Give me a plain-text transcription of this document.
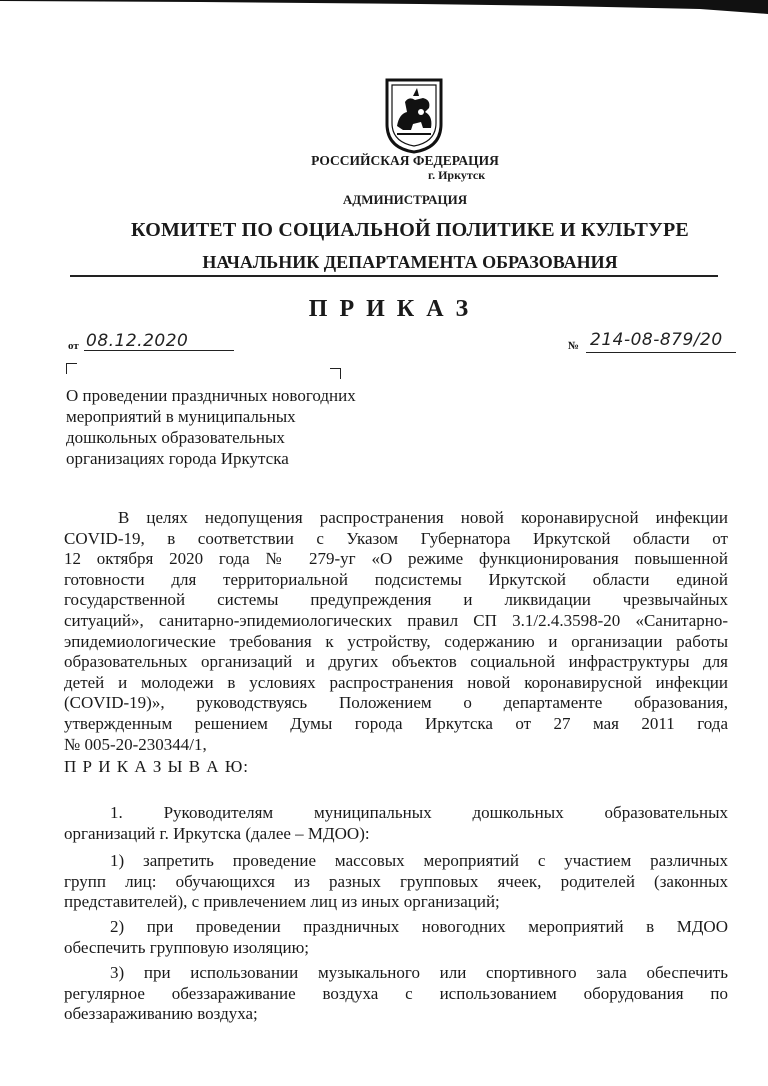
РОССИЙСКАЯ ФЕДЕРАЦИЯ
г. Иркутск
АДМИНИСТРАЦИЯ
КОМИТЕТ ПО СОЦИАЛЬНОЙ ПОЛИТИКЕ И КУЛЬТУРЕ
НАЧАЛЬНИК ДЕПАРТАМЕНТА ОБРАЗОВАНИЯ
П Р И К А З
от 08.12.2020	№ 214-08-879/20
О проведении праздничных новогодних
мероприятий в муниципальных
дошкольных образовательных
организациях города Иркутска
В целях недопущения распространения новой коронавирусной инфекции
COVID-19, в соответствии с Указом Губернатора Иркутской области от
12 октября 2020 года № 279-уг «О режиме функционирования повышенной
готовности для территориальной подсистемы Иркутской области единой
государственной системы предупреждения и ликвидации чрезвычайных
ситуаций», санитарно-эпидемиологических правил СП 3.1/2.4.3598-20 «Санитарно-
эпидемиологические требования к устройству, содержанию и организации работы
образовательных организаций и других объектов социальной инфраструктуры для
детей и молодежи в условиях распространения новой коронавирусной инфекции
(COVID-19)», руководствуясь Положением о департаменте образования,
утвержденным решением Думы города Иркутска от 27 мая 2011 года
№ 005-20-230344/1,
П Р И К А З Ы В А Ю:
1. Руководителям муниципальных дошкольных образовательных
организаций г. Иркутска (далее – МДОО):
1) запретить проведение массовых мероприятий с участием различных
групп лиц: обучающихся из разных групповых ячеек, родителей (законных
представителей), с привлечением лиц из иных организаций;
2) при проведении праздничных новогодних мероприятий в МДОО
обеспечить групповую изоляцию;
3) при использовании музыкального или спортивного зала обеспечить
регулярное обеззараживание воздуха с использованием оборудования по
обеззараживанию воздуха;
